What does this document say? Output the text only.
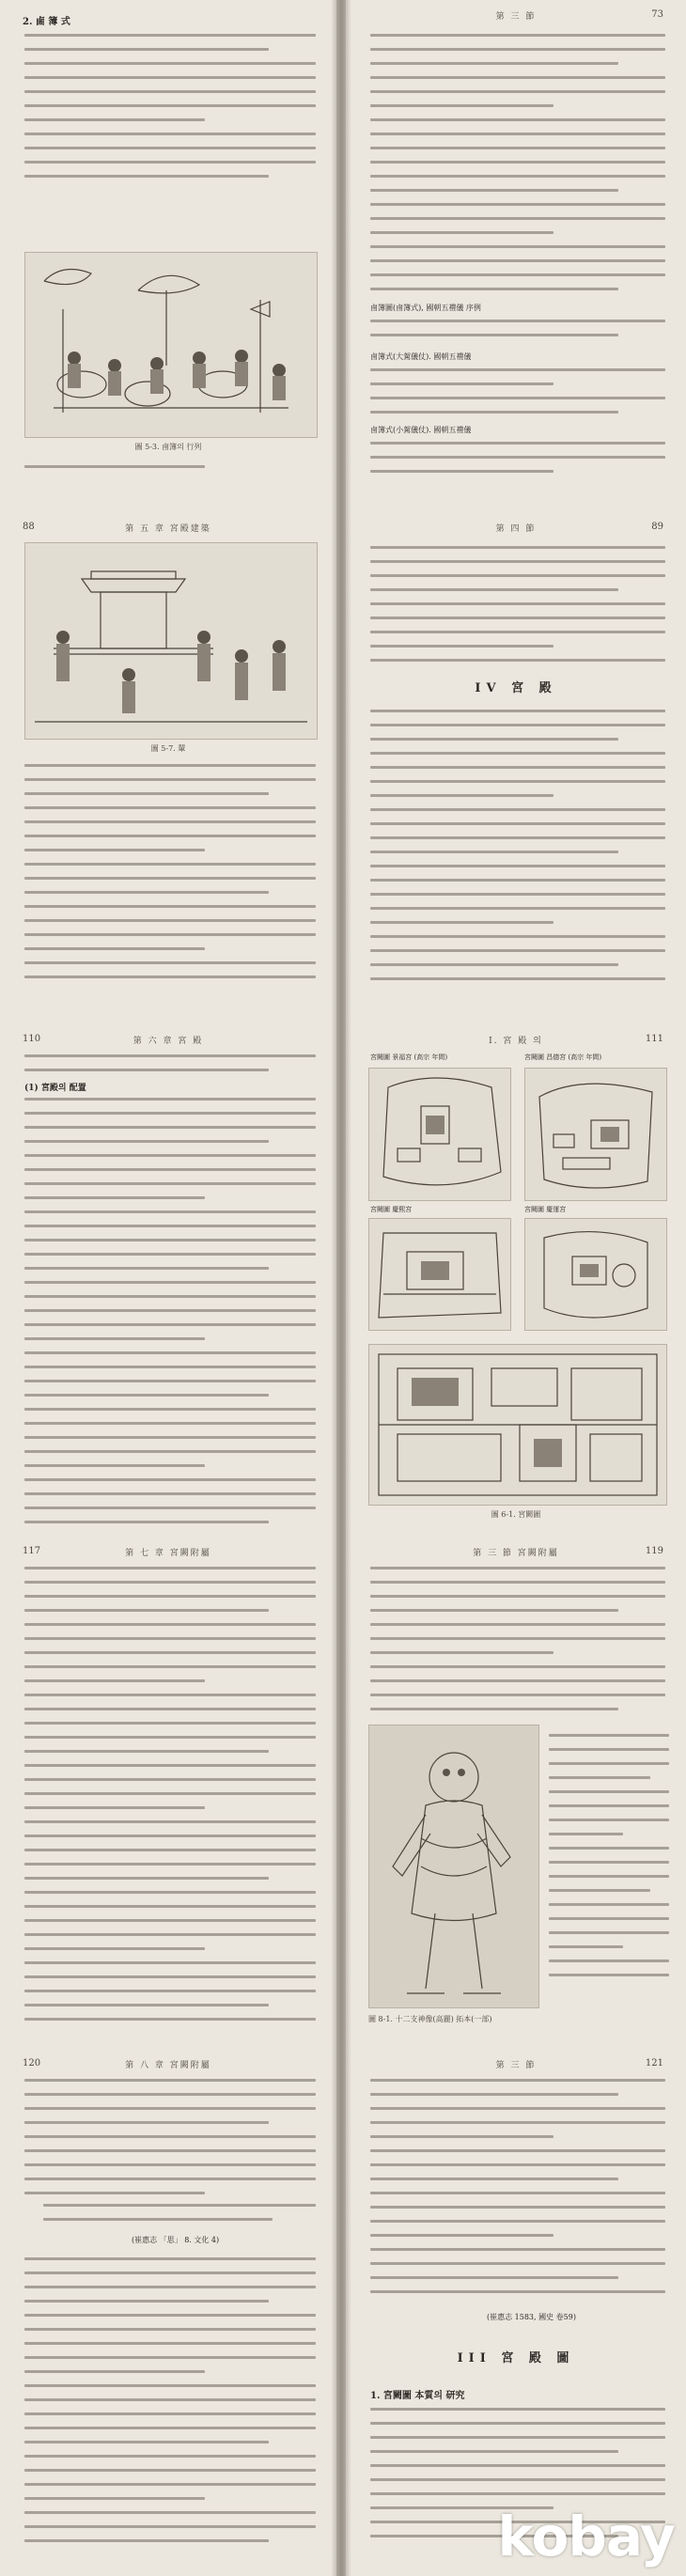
2. 鹵 簿 式
圖 5-3. 鹵簿의 行列
第 三 節	73
鹵簿圖(鹵簿式), 國朝五禮儀 序例
鹵簿式(大駕儀仗). 國朝五禮儀
鹵簿式(小駕儀仗). 國朝五禮儀
88	第 五 章 宮殿建築
圖 5-7. 輦
第 四 節	89
IV 宮 殿
110	第 六 章 宮 殿
(1) 宮殿의 配置
I. 宮 殿 의	111
宮闕圖 景福宮 (高宗 年間)	宮闕圖 昌德宮 (高宗 年間)
宮闕圖 慶熙宮	宮闕圖 慶運宮
圖 6-1. 宮闕圖
117	第 七 章 宮闕附屬	第 三 節 宮闕附屬	119
圖 8-1. 十二支神像(高麗) 拓本(一部)
120	第 八 章 宮闕附屬
(崔惠志 「思」 8. 文化 4)
第 三 節	121
(崔惠志 1583, 國史 卷59)
III 宮 殿 圖
1. 宮闕圖 本質의 研究
kobay
